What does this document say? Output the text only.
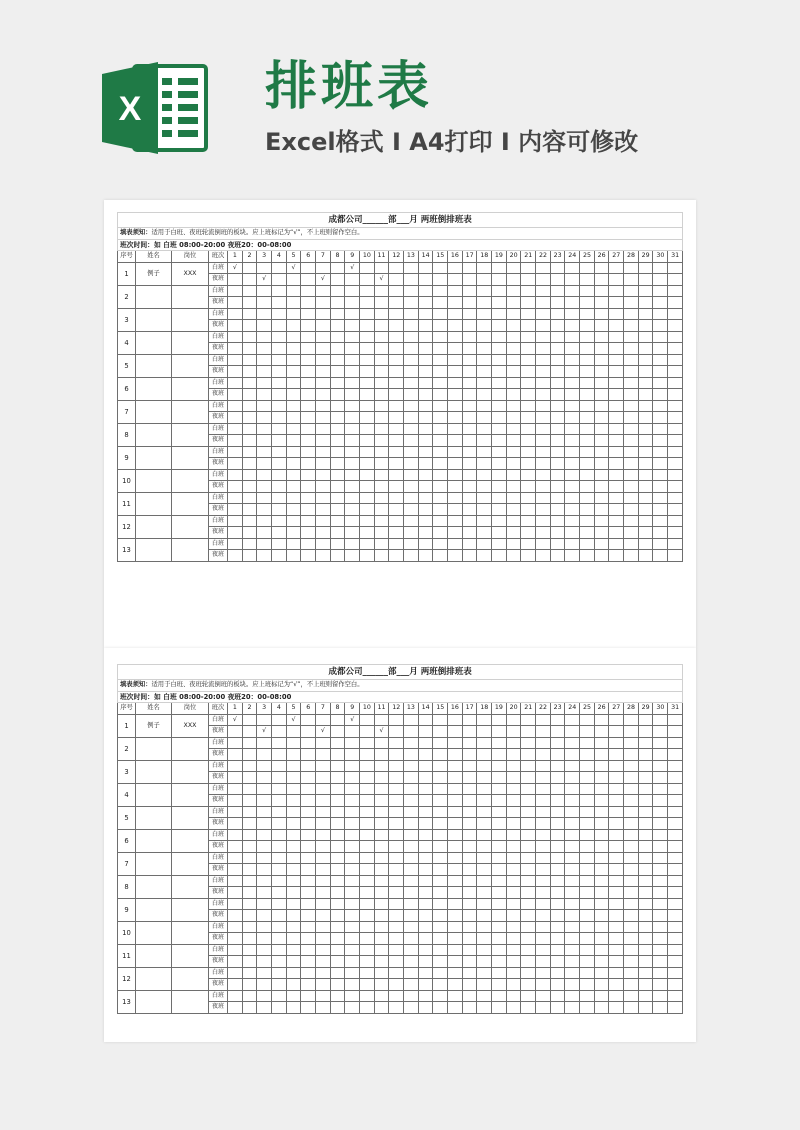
X 排班表
Excel格式 I A4打印 I 内容可修改
成都公司______部___月 两班倒排班表																																		
填表须知：适用于白班、夜班轮流倒班的板块。应上班标记为“√”，不上班则留作空白。																																		
班次时间：如 白班 08:00-20:00 夜班20：00-08:00																																		
序号	姓名	岗位	班次	1	2	3	4	5	6	7	8	9	10	11	12	13	14	15	16	17	18	19	20	21	22	23	24	25	26	27	28	29	30	31
1	例子	XXX	白班	√				√				√																						
			夜班			√				√				√																				
2			白班																															
			夜班																															
3			白班																															
			夜班																															
4			白班																															
			夜班																															
5			白班																															
			夜班																															
6			白班																															
			夜班																															
7			白班																															
			夜班																															
8			白班																															
			夜班																															
9			白班																															
			夜班																															
10			白班																															
			夜班																															
11			白班																															
			夜班																															
12			白班																															
			夜班																															
13			白班																															
			夜班																															
成都公司______部___月 两班倒排班表																																		
填表须知：适用于白班、夜班轮流倒班的板块。应上班标记为“√”，不上班则留作空白。																																		
班次时间：如 白班 08:00-20:00 夜班20：00-08:00																																		
序号	姓名	岗位	班次	1	2	3	4	5	6	7	8	9	10	11	12	13	14	15	16	17	18	19	20	21	22	23	24	25	26	27	28	29	30	31
1	例子	XXX	白班	√				√				√																						
			夜班			√				√				√																				
2			白班																															
			夜班																															
3			白班																															
			夜班																															
4			白班																															
			夜班																															
5			白班																															
			夜班																															
6			白班																															
			夜班																															
7			白班																															
			夜班																															
8			白班																															
			夜班																															
9			白班																															
			夜班																															
10			白班																															
			夜班																															
11			白班																															
			夜班																															
12			白班																															
			夜班																															
13			白班																															
			夜班																															
